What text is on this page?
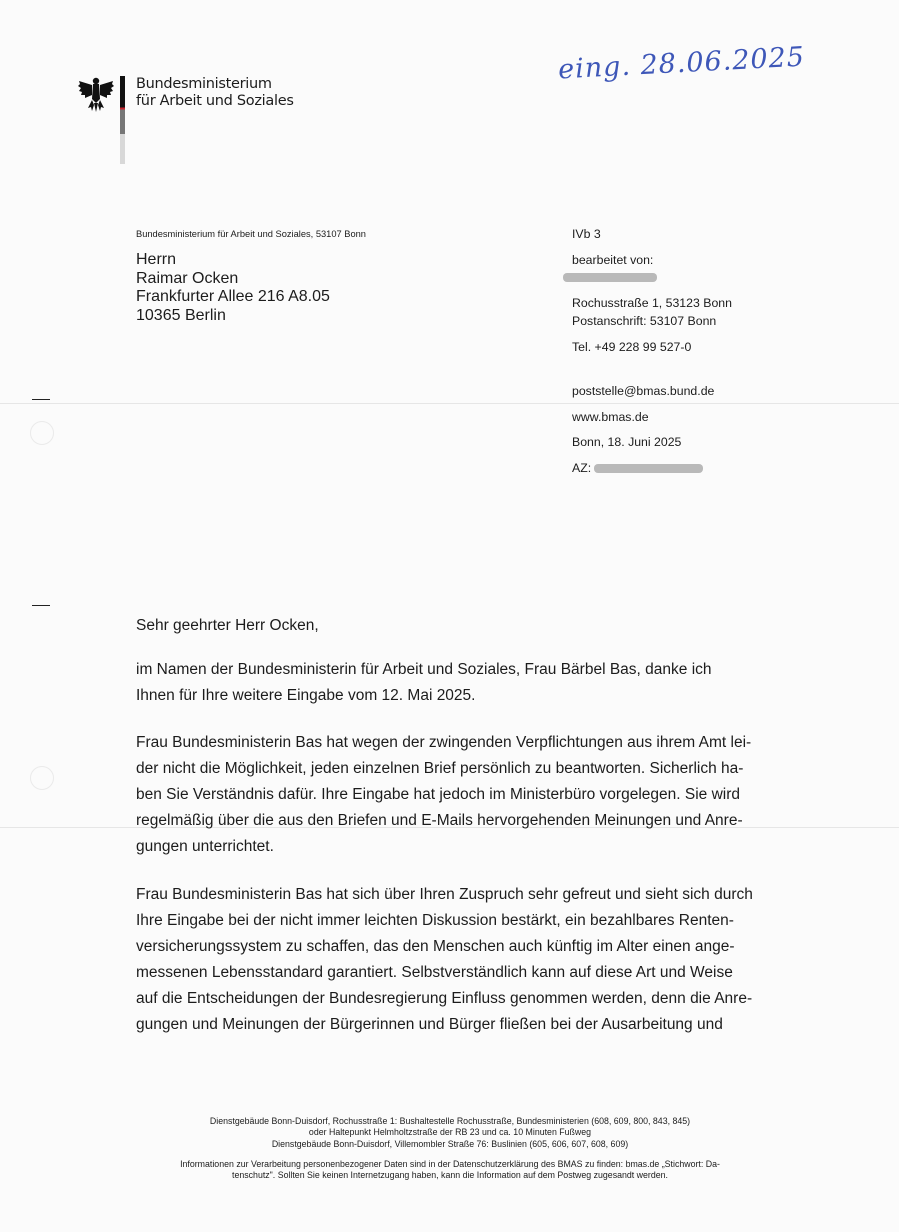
Bundesministerium
für Arbeit und Soziales
eing. 28.06.2025
Bundesministerium für Arbeit und Soziales, 53107 Bonn
Herrn
Raimar Ocken
Frankfurter Allee 216 A8.05
10365 Berlin
IVb 3
bearbeitet von:
Rochusstraße 1, 53123 Bonn
Postanschrift: 53107 Bonn
Tel. +49 228 99 527-0
poststelle@bmas.bund.de
www.bmas.de
Bonn, 18. Juni 2025
AZ:
Sehr geehrter Herr Ocken,
im Namen der Bundesministerin für Arbeit und Soziales, Frau Bärbel Bas, danke ich
Ihnen für Ihre weitere Eingabe vom 12. Mai 2025.
Frau Bundesministerin Bas hat wegen der zwingenden Verpflichtungen aus ihrem Amt lei-
der nicht die Möglichkeit, jeden einzelnen Brief persönlich zu beantworten. Sicherlich ha-
ben Sie Verständnis dafür. Ihre Eingabe hat jedoch im Ministerbüro vorgelegen. Sie wird
regelmäßig über die aus den Briefen und E-Mails hervorgehenden Meinungen und Anre-
gungen unterrichtet.
Frau Bundesministerin Bas hat sich über Ihren Zuspruch sehr gefreut und sieht sich durch
Ihre Eingabe bei der nicht immer leichten Diskussion bestärkt, ein bezahlbares Renten-
versicherungssystem zu schaffen, das den Menschen auch künftig im Alter einen ange-
messenen Lebensstandard garantiert. Selbstverständlich kann auf diese Art und Weise
auf die Entscheidungen der Bundesregierung Einfluss genommen werden, denn die Anre-
gungen und Meinungen der Bürgerinnen und Bürger fließen bei der Ausarbeitung und
Dienstgebäude Bonn-Duisdorf, Rochusstraße 1: Bushaltestelle Rochusstraße, Bundesministerien (608, 609, 800, 843, 845)
oder Haltepunkt Helmholtzstraße der RB 23 und ca. 10 Minuten Fußweg
Dienstgebäude Bonn-Duisdorf, Villemombler Straße 76: Buslinien (605, 606, 607, 608, 609)
Informationen zur Verarbeitung personenbezogener Daten sind in der Datenschutzerklärung des BMAS zu finden: bmas.de „Stichwort: Da-
tenschutz". Sollten Sie keinen Internetzugang haben, kann die Information auf dem Postweg zugesandt werden.
